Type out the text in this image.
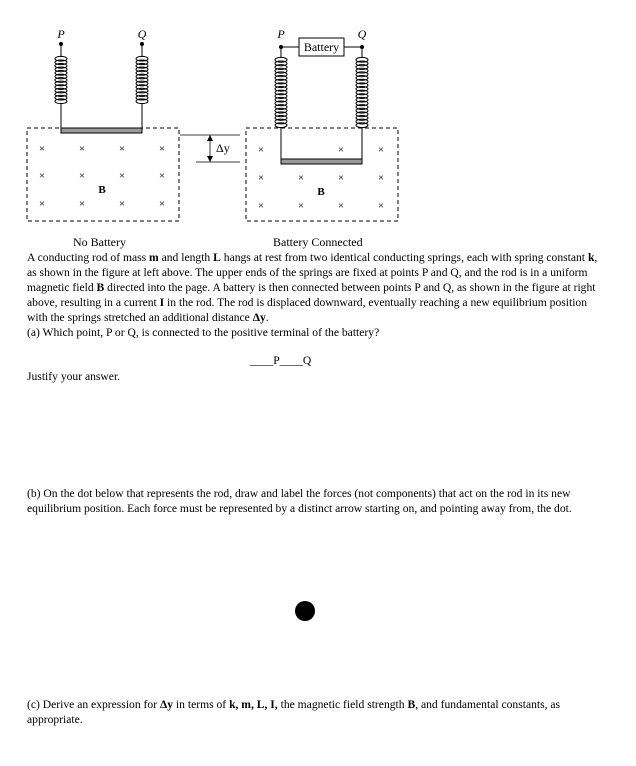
P	Q
×
×
×
×
×
×
×
×
×
×
×
×
B
Δy
P	Q
Battery
×
×
×
×
×
×
×
×
×
×
×
B
No Battery	Battery Connected
A conducting rod of mass m and length L hangs at rest from two identical conducting springs, each with spring constant k, as shown in the figure at left above. The upper ends of the springs are fixed at points P and Q, and the rod is in a uniform magnetic field B directed into the page. A battery is then connected between points P and Q, as shown in the figure at right above, resulting in a current I in the rod. The rod is displaced downward, eventually reaching a new equilibrium position with the springs stretched an additional distance Δy.
(a) Which point, P or Q, is connected to the positive terminal of the battery?
____P____Q
Justify your answer.
(b) On the dot below that represents the rod, draw and label the forces (not components) that act on the rod in its new equilibrium position. Each force must be represented by a distinct arrow starting on, and pointing away from, the dot.
(c) Derive an expression for Δy in terms of k, m, L, I, the magnetic field strength B, and fundamental constants, as appropriate.
